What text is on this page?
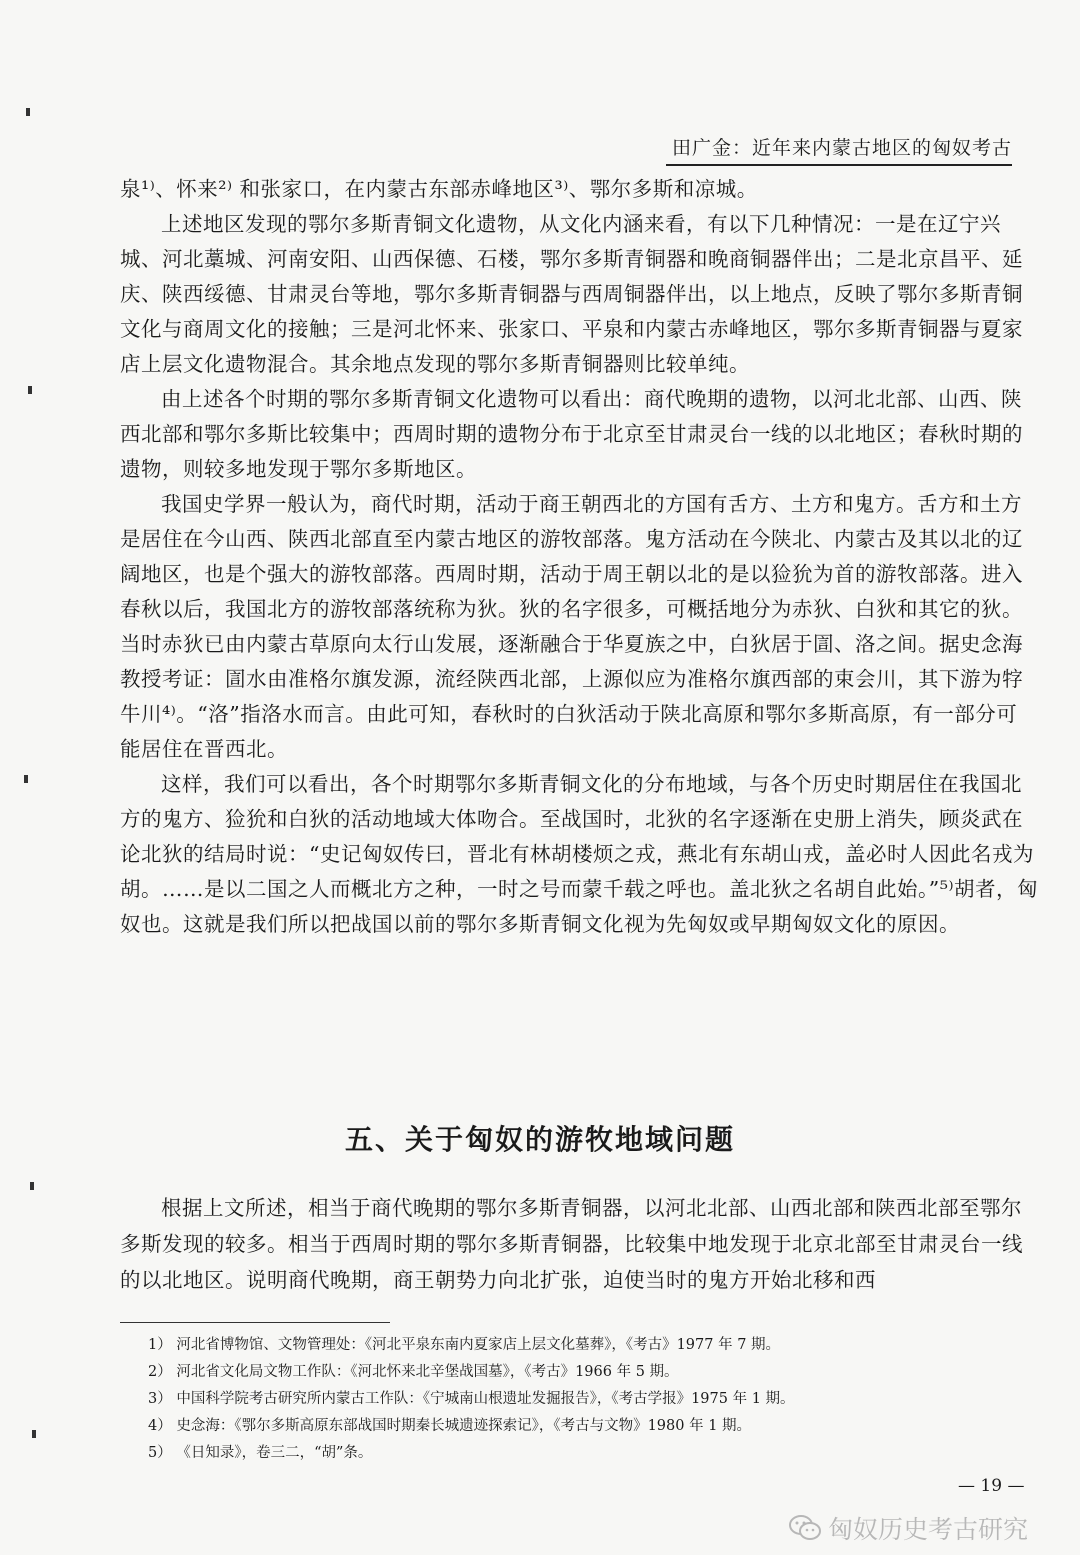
田广金：近年来内蒙古地区的匈奴考古

泉¹⁾、怀来²⁾ 和张家口，在内蒙古东部赤峰地区³⁾、鄂尔多斯和凉城。

上述地区发现的鄂尔多斯青铜文化遗物，从文化内涵来看，有以下几种情况：一是在辽宁兴城、河北藁城、河南安阳、山西保德、石楼，鄂尔多斯青铜器和晚商铜器伴出；二是北京昌平、延庆、陕西绥德、甘肃灵台等地，鄂尔多斯青铜器与西周铜器伴出，以上地点，反映了鄂尔多斯青铜文化与商周文化的接触；三是河北怀来、张家口、平泉和内蒙古赤峰地区，鄂尔多斯青铜器与夏家店上层文化遗物混合。其余地点发现的鄂尔多斯青铜器则比较单纯。

由上述各个时期的鄂尔多斯青铜文化遗物可以看出：商代晚期的遗物，以河北北部、山西、陕西北部和鄂尔多斯比较集中；西周时期的遗物分布于北京至甘肃灵台一线的以北地区；春秋时期的遗物，则较多地发现于鄂尔多斯地区。

我国史学界一般认为，商代时期，活动于商王朝西北的方国有舌方、土方和鬼方。舌方和土方是居住在今山西、陕西北部直至内蒙古地区的游牧部落。鬼方活动在今陕北、内蒙古及其以北的辽阔地区，也是个强大的游牧部落。西周时期，活动于周王朝以北的是以猃狁为首的游牧部落。进入春秋以后，我国北方的游牧部落统称为狄。狄的名字很多，可概括地分为赤狄、白狄和其它的狄。当时赤狄已由内蒙古草原向太行山发展，逐渐融合于华夏族之中，白狄居于圁、洛之间。据史念海教授考证：圁水由准格尔旗发源，流经陕西北部，上源似应为准格尔旗西部的束会川，其下游为牸牛川⁴⁾。“洛”指洛水而言。由此可知，春秋时的白狄活动于陕北高原和鄂尔多斯高原，有一部分可能居住在晋西北。

这样，我们可以看出，各个时期鄂尔多斯青铜文化的分布地域，与各个历史时期居住在我国北方的鬼方、猃狁和白狄的活动地域大体吻合。至战国时，北狄的名字逐渐在史册上消失，顾炎武在论北狄的结局时说：“史记匈奴传曰，晋北有林胡楼烦之戎，燕北有东胡山戎，盖必时人因此名戎为胡。……是以二国之人而概北方之种，一时之号而蒙千载之呼也。盖北狄之名胡自此始。”⁵⁾胡者，匈奴也。这就是我们所以把战国以前的鄂尔多斯青铜文化视为先匈奴或早期匈奴文化的原因。

五、关于匈奴的游牧地域问题

根据上文所述，相当于商代晚期的鄂尔多斯青铜器，以河北北部、山西北部和陕西北部至鄂尔多斯发现的较多。相当于西周时期的鄂尔多斯青铜器，比较集中地发现于北京北部至甘肃灵台一线的以北地区。说明商代晚期，商王朝势力向北扩张，迫使当时的鬼方开始北移和西

1） 河北省博物馆、文物管理处：《河北平泉东南内夏家店上层文化墓葬》，《考古》1977 年 7 期。
2） 河北省文化局文物工作队：《河北怀来北辛堡战国墓》，《考古》1966 年 5 期。
3） 中国科学院考古研究所内蒙古工作队：《宁城南山根遗址发掘报告》，《考古学报》1975 年 1 期。
4） 史念海：《鄂尔多斯高原东部战国时期秦长城遗迹探索记》，《考古与文物》1980 年 1 期。
5） 《日知录》，卷三二，“胡”条。
— 19 —
匈奴历史考古研究
